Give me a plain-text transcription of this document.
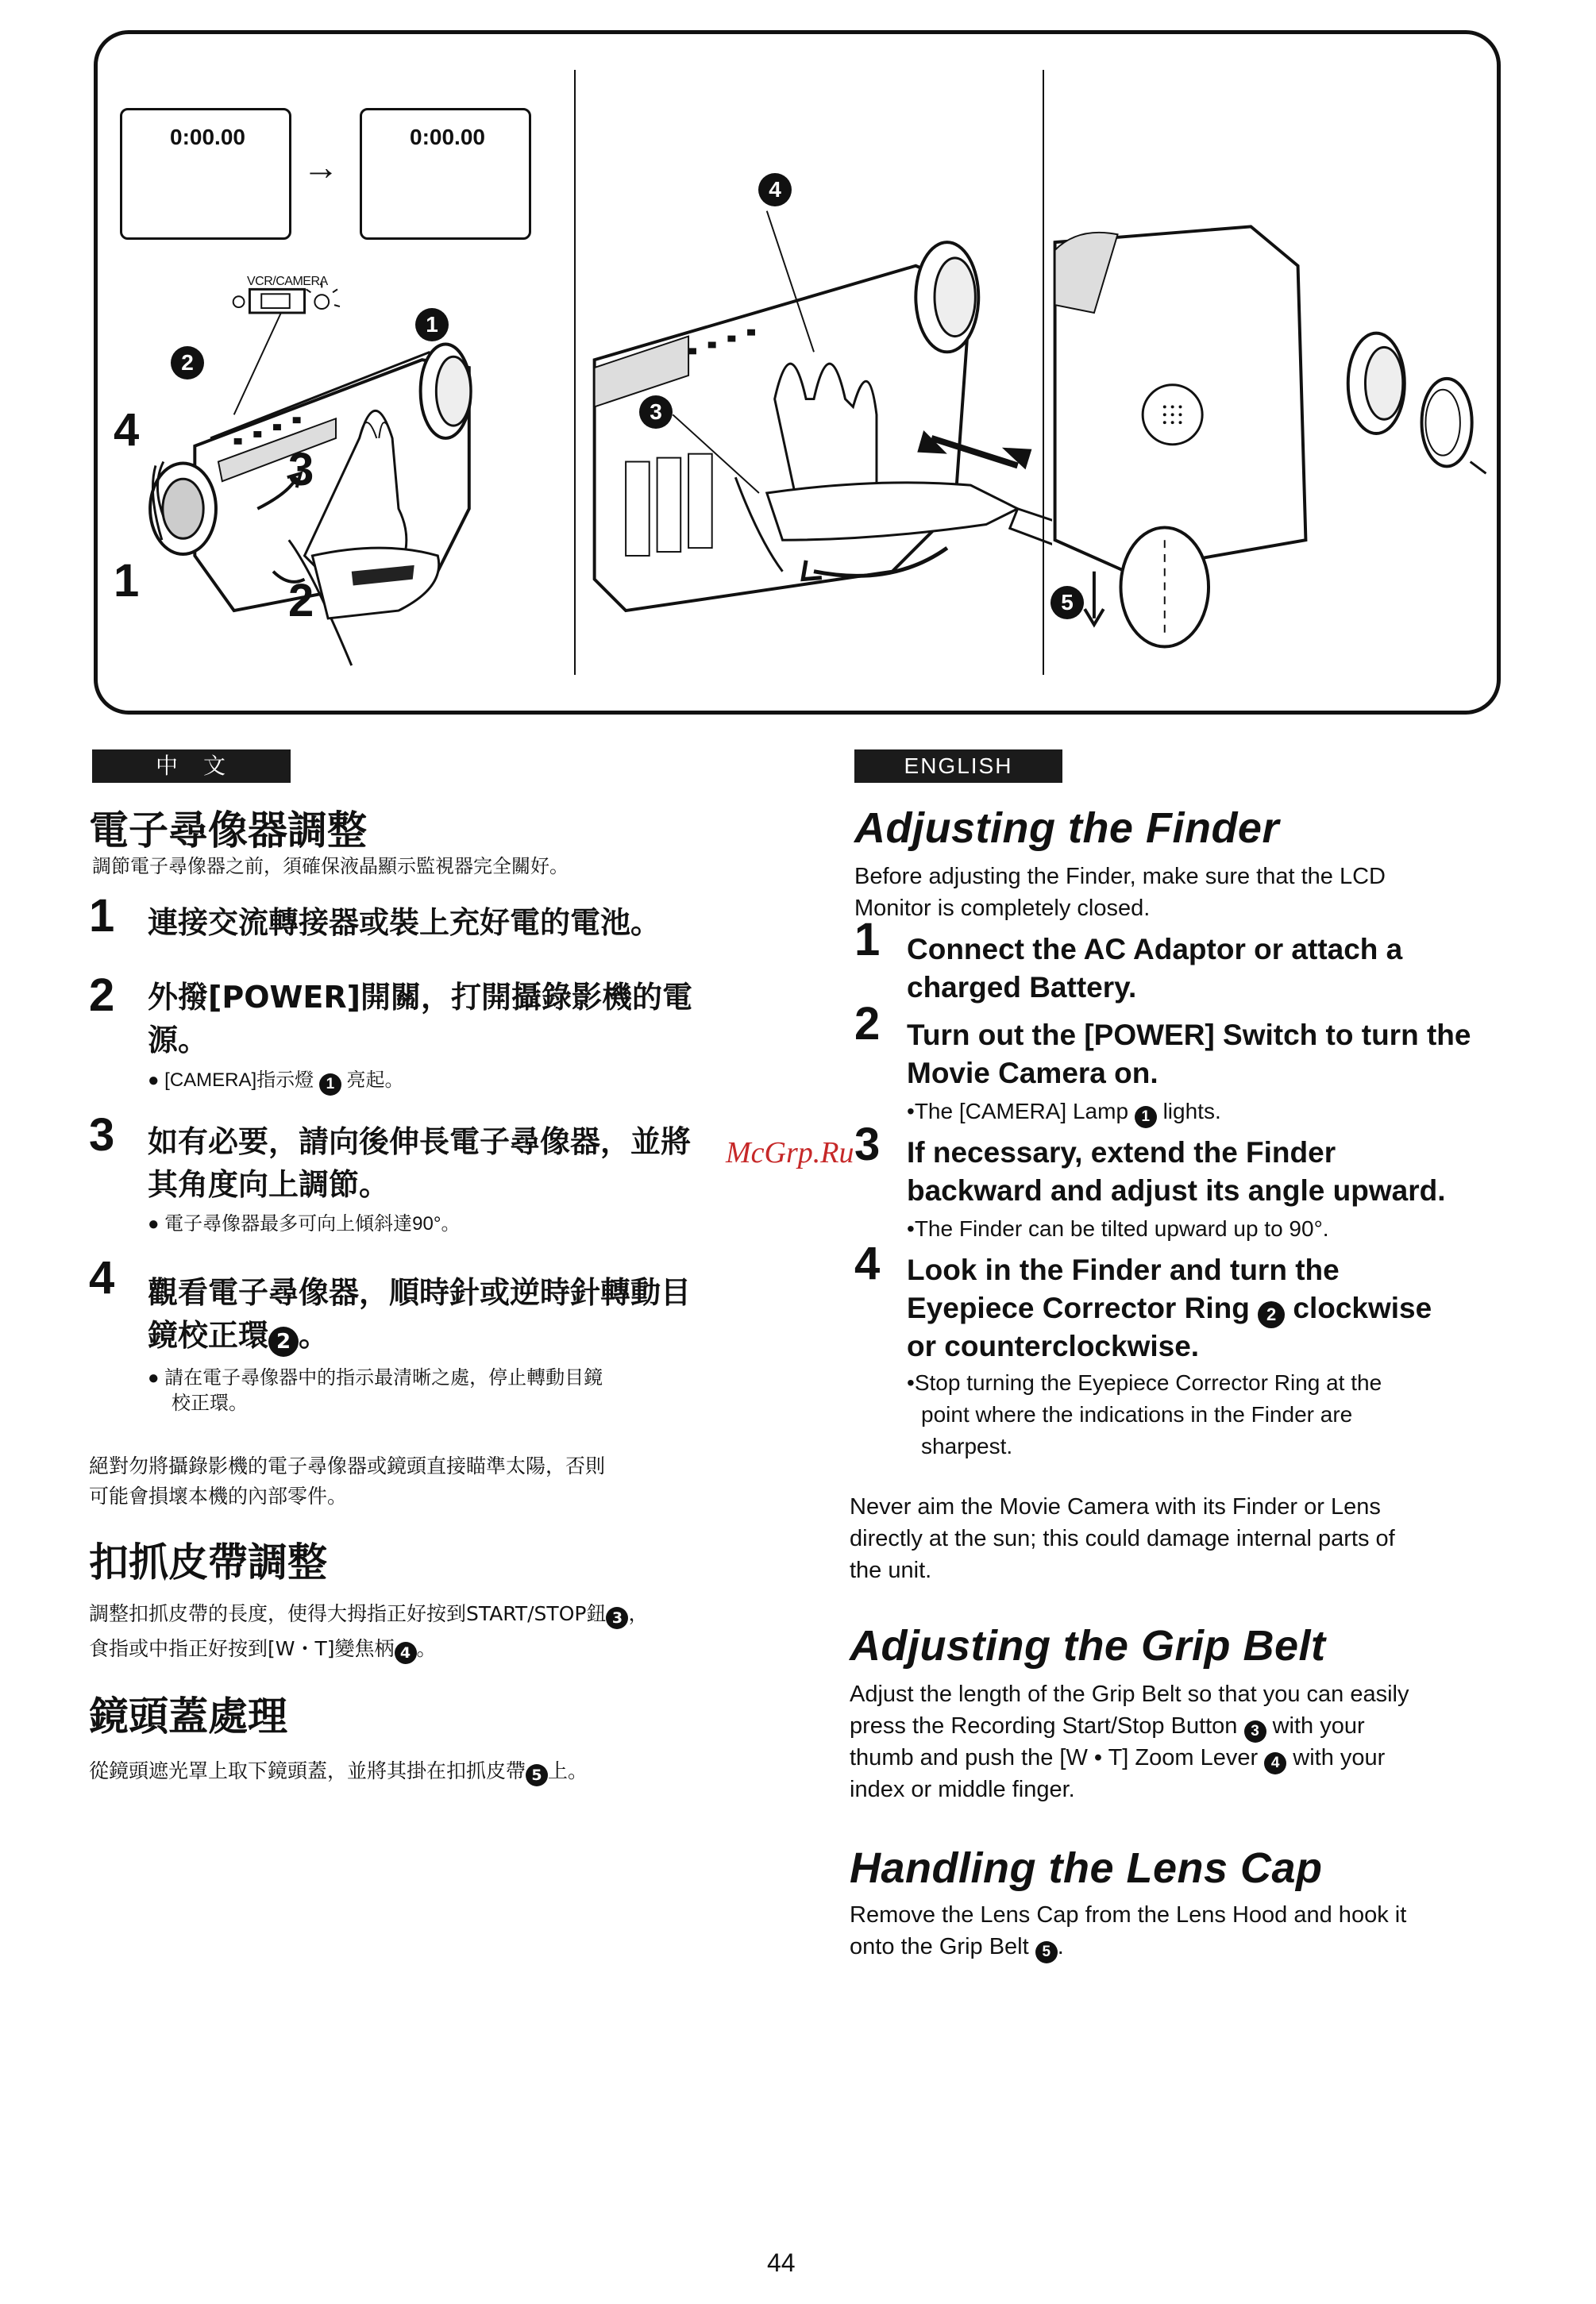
0:00.00
→
0:00.00
VCR/CAMERA
1
2
4
1
3
2
4
3
5
中　文
電子尋像器調整
調節電子尋像器之前，須確保液晶顯示監視器完全關好。
1 連接交流轉接器或裝上充好電的電池。
2 外撥[POWER]開關，打開攝錄影機的電
源。
● [CAMERA]指示燈 1 亮起。
3 如有必要，請向後伸長電子尋像器，並將
其角度向上調節。
● 電子尋像器最多可向上傾斜達90°。
4 觀看電子尋像器，順時針或逆時針轉動目
鏡校正環 2 。
● 請在電子尋像器中的指示最清晰之處，停止轉動目鏡
校正環。
絕對勿將攝錄影機的電子尋像器或鏡頭直接瞄準太陽，否則
可能會損壞本機的內部零件。
扣抓皮帶調整
調整扣抓皮帶的長度，使得大拇指正好按到START/STOP鈕 3 ，
食指或中指正好按到[W・T]變焦柄 4 。
鏡頭蓋處理
從鏡頭遮光罩上取下鏡頭蓋，並將其掛在扣抓皮帶 5 上。
ENGLISH
Adjusting the Finder
Before adjusting the Finder, make sure that the LCD
Monitor is completely closed.
1 Connect the AC Adaptor or attach a
charged Battery.
2 Turn out the [POWER] Switch to turn the
Movie Camera on.
•The [CAMERA] Lamp 1 lights.
3 If necessary, extend the Finder
backward and adjust its angle upward.
•The Finder can be tilted upward up to 90°.
4 Look in the Finder and turn the
Eyepiece Corrector Ring 2 clockwise
or counterclockwise.
•Stop turning the Eyepiece Corrector Ring at the
point where the indications in the Finder are
sharpest.
Never aim the Movie Camera with its Finder or Lens
directly at the sun; this could damage internal parts of
the unit.
Adjusting the Grip Belt
Adjust the length of the Grip Belt so that you can easily
press the Recording Start/Stop Button 3 with your
thumb and push the [W • T] Zoom Lever 4 with your
index or middle finger.
Handling the Lens Cap
Remove the Lens Cap from the Lens Hood and hook it
onto the Grip Belt 5 .
McGrp.Ru
44
